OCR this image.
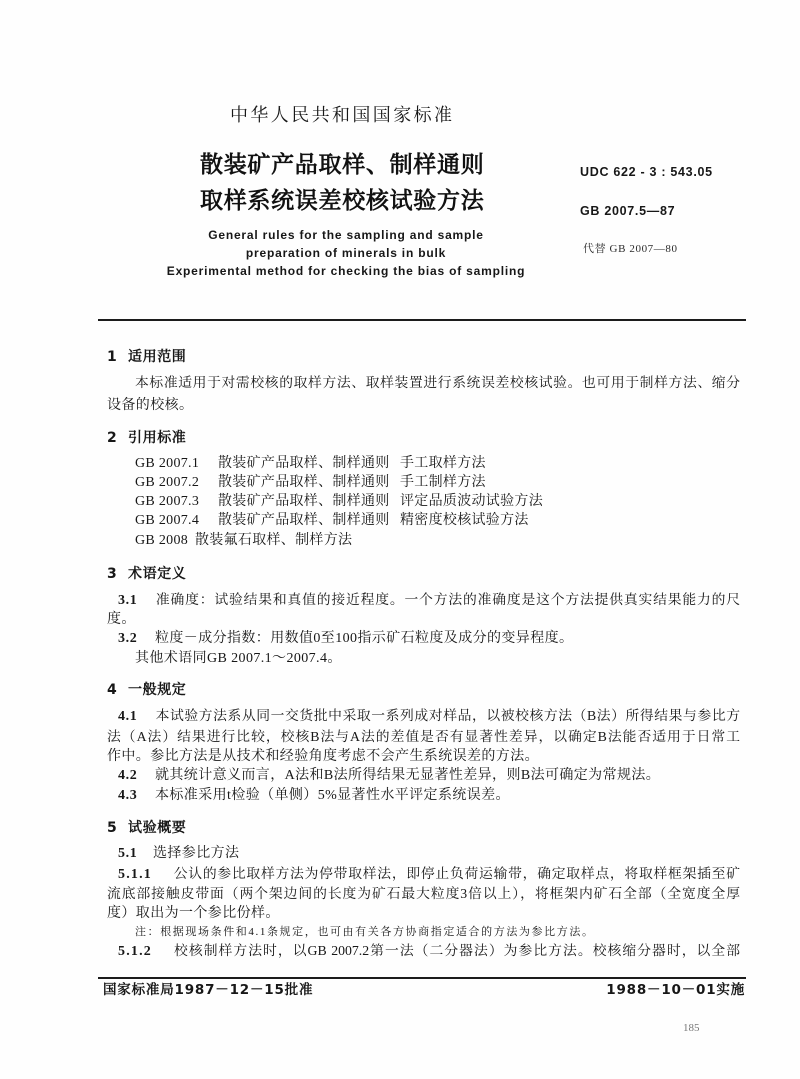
中华人民共和国国家标准
散装矿产品取样、制样通则
取样系统误差校核试验方法
General rules for the sampling and sample
preparation of minerals in bulk
Experimental method for checking the bias of sampling
UDC 622 - 3 : 543.05
GB 2007.5—87
代替 GB 2007—80
1 适用范围
本标准适用于对需校核的取样方法、取样装置进行系统误差校核试验。也可用于制样方法、缩分
设备的校核。
2 引用标准
GB 2007.1 散装矿产品取样、制样通则 手工取样方法
GB 2007.2 散装矿产品取样、制样通则 手工制样方法
GB 2007.3 散装矿产品取样、制样通则 评定品质波动试验方法
GB 2007.4 散装矿产品取样、制样通则 精密度校核试验方法
GB 2008 散装氟石取样、制样方法
3 术语定义
3.1 准确度：试验结果和真值的接近程度。一个方法的准确度是这个方法提供真实结果能力的尺
度。
3.2 粒度－成分指数：用数值0至100指示矿石粒度及成分的变异程度。
其他术语同GB 2007.1～2007.4。
4 一般规定
4.1 本试验方法系从同一交货批中采取一系列成对样品，以被校核方法（B法）所得结果与参比方
法（A法）结果进行比较，校核B法与A法的差值是否有显著性差异，以确定B法能否适用于日常工
作中。参比方法是从技术和经验角度考虑不会产生系统误差的方法。
4.2 就其统计意义而言，A法和B法所得结果无显著性差异，则B法可确定为常规法。
4.3 本标准采用t检验（单侧）5%显著性水平评定系统误差。
5 试验概要
5.1 选择参比方法
5.1.1 公认的参比取样方法为停带取样法，即停止负荷运输带，确定取样点，将取样框架插至矿
流底部接触皮带面（两个架边间的长度为矿石最大粒度3倍以上），将框架内矿石全部（全宽度全厚
度）取出为一个参比份样。
注：根据现场条件和4.1条规定，也可由有关各方协商指定适合的方法为参比方法。
5.1.2 校核制样方法时，以GB 2007.2第一法（二分器法）为参比方法。校核缩分器时，以全部
国家标准局1987－12－15批准	1988－10－01实施
185
